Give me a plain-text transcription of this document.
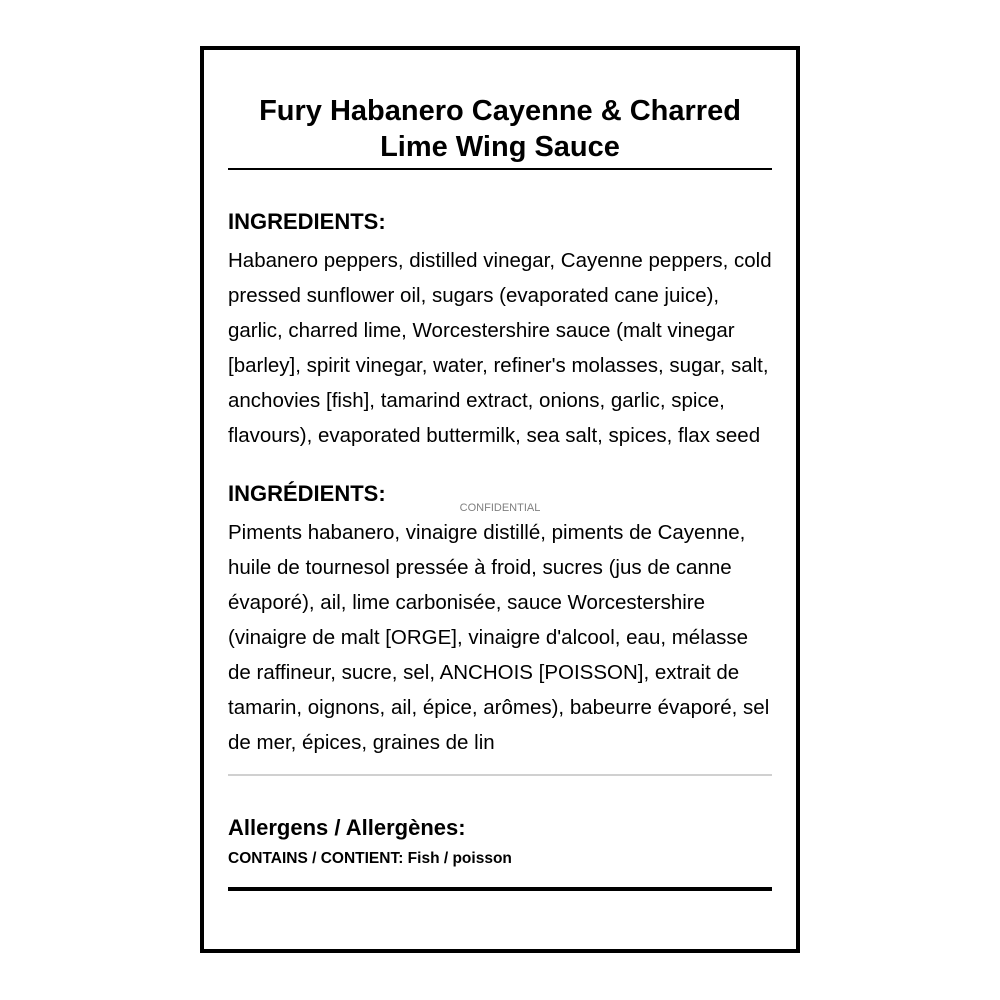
Fury Habanero Cayenne & Charred Lime Wing Sauce
INGREDIENTS:
Habanero peppers, distilled vinegar, Cayenne peppers, cold pressed sunflower oil, sugars (evaporated cane juice), garlic, charred lime, Worcestershire sauce (malt vinegar [barley], spirit vinegar, water, refiner's molasses, sugar, salt, anchovies [fish], tamarind extract, onions, garlic, spice, flavours), evaporated buttermilk, sea salt, spices, flax seed
INGRÉDIENTS:
Piments habanero, vinaigre distillé, piments de Cayenne, huile de tournesol pressée à froid, sucres (jus de canne évaporé), ail, lime carbonisée, sauce Worcestershire (vinaigre de malt [ORGE], vinaigre d'alcool, eau, mélasse de raffineur, sucre, sel, ANCHOIS [POISSON], extrait de tamarin, oignons, ail, épice, arômes), babeurre évaporé, sel de mer, épices, graines de lin
Allergens / Allergènes:
CONTAINS / CONTIENT: Fish / poisson
CONFIDENTIAL
